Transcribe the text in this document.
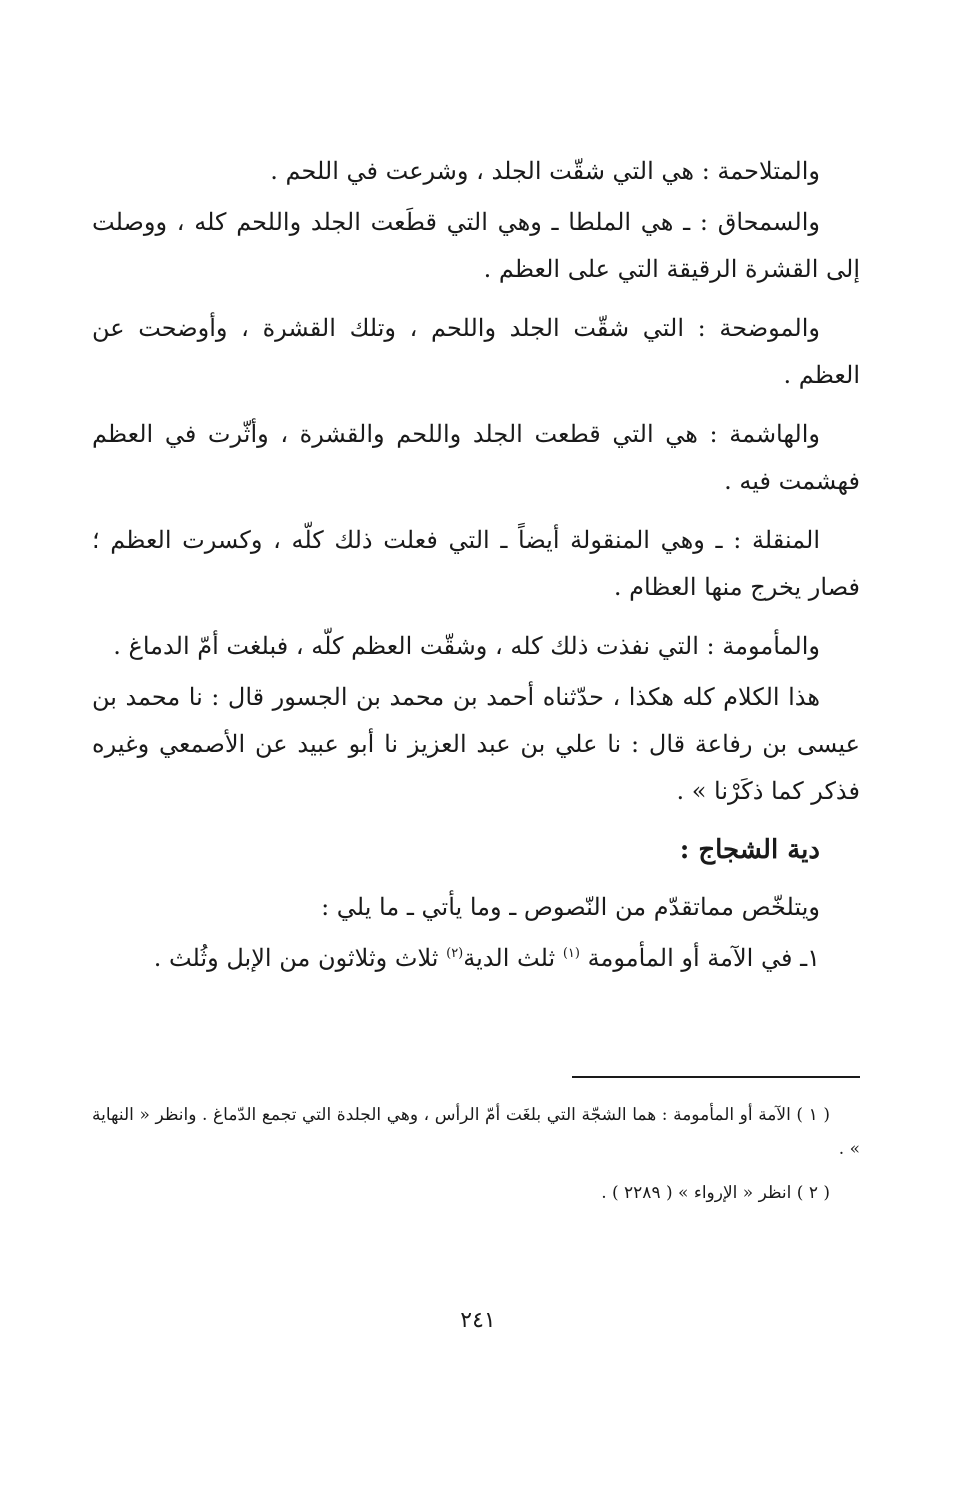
والمتلاحمة : هي التي شقّت الجلد ، وشرعت في اللحم .

والسمحاق : ـ هي الملطا ـ وهي التي قطَعت الجلد واللحم كله ، ووصلت إلى القشرة الرقيقة التي على العظم .

والموضحة : التي شقّت الجلد واللحم ، وتلك القشرة ، وأوضحت عن العظم .

والهاشمة : هي التي قطعت الجلد واللحم والقشرة ، وأثّرت في العظم فهشمت فيه .

المنقلة : ـ وهي المنقولة أيضاً ـ التي فعلت ذلك كلّه ، وكسرت العظم ؛ فصار يخرج منها العظام .

والمأمومة : التي نفذت ذلك كله ، وشقّت العظم كلّه ، فبلغت أمّ الدماغ .

هذا الكلام كله هكذا ، حدّثناه أحمد بن محمد بن الجسور قال : نا محمد بن عيسى بن رفاعة قال : نا علي بن عبد العزيز نا أبو عبيد عن الأصمعي وغيره فذكر كما ذكَرْنا » .

دية الشجاج :

ويتلخّص مماتقدّم من النّصوص ـ وما يأتي ـ ما يلي :

١ـ في الآمة أو المأمومة $^{(١)}$ ثلث الدية$^{(٢)}$ ثلاث وثلاثون من الإبل وثُلث .

( ١ ) الآمة أو المأمومة : هما الشجّة التي بلغَت أمّ الرأس ، وهي الجلدة التي تجمع الدّماغ . وانظر « النهاية » .

( ٢ ) انظر « الإرواء » ( ٢٢٨٩ ) .

٢٤١
